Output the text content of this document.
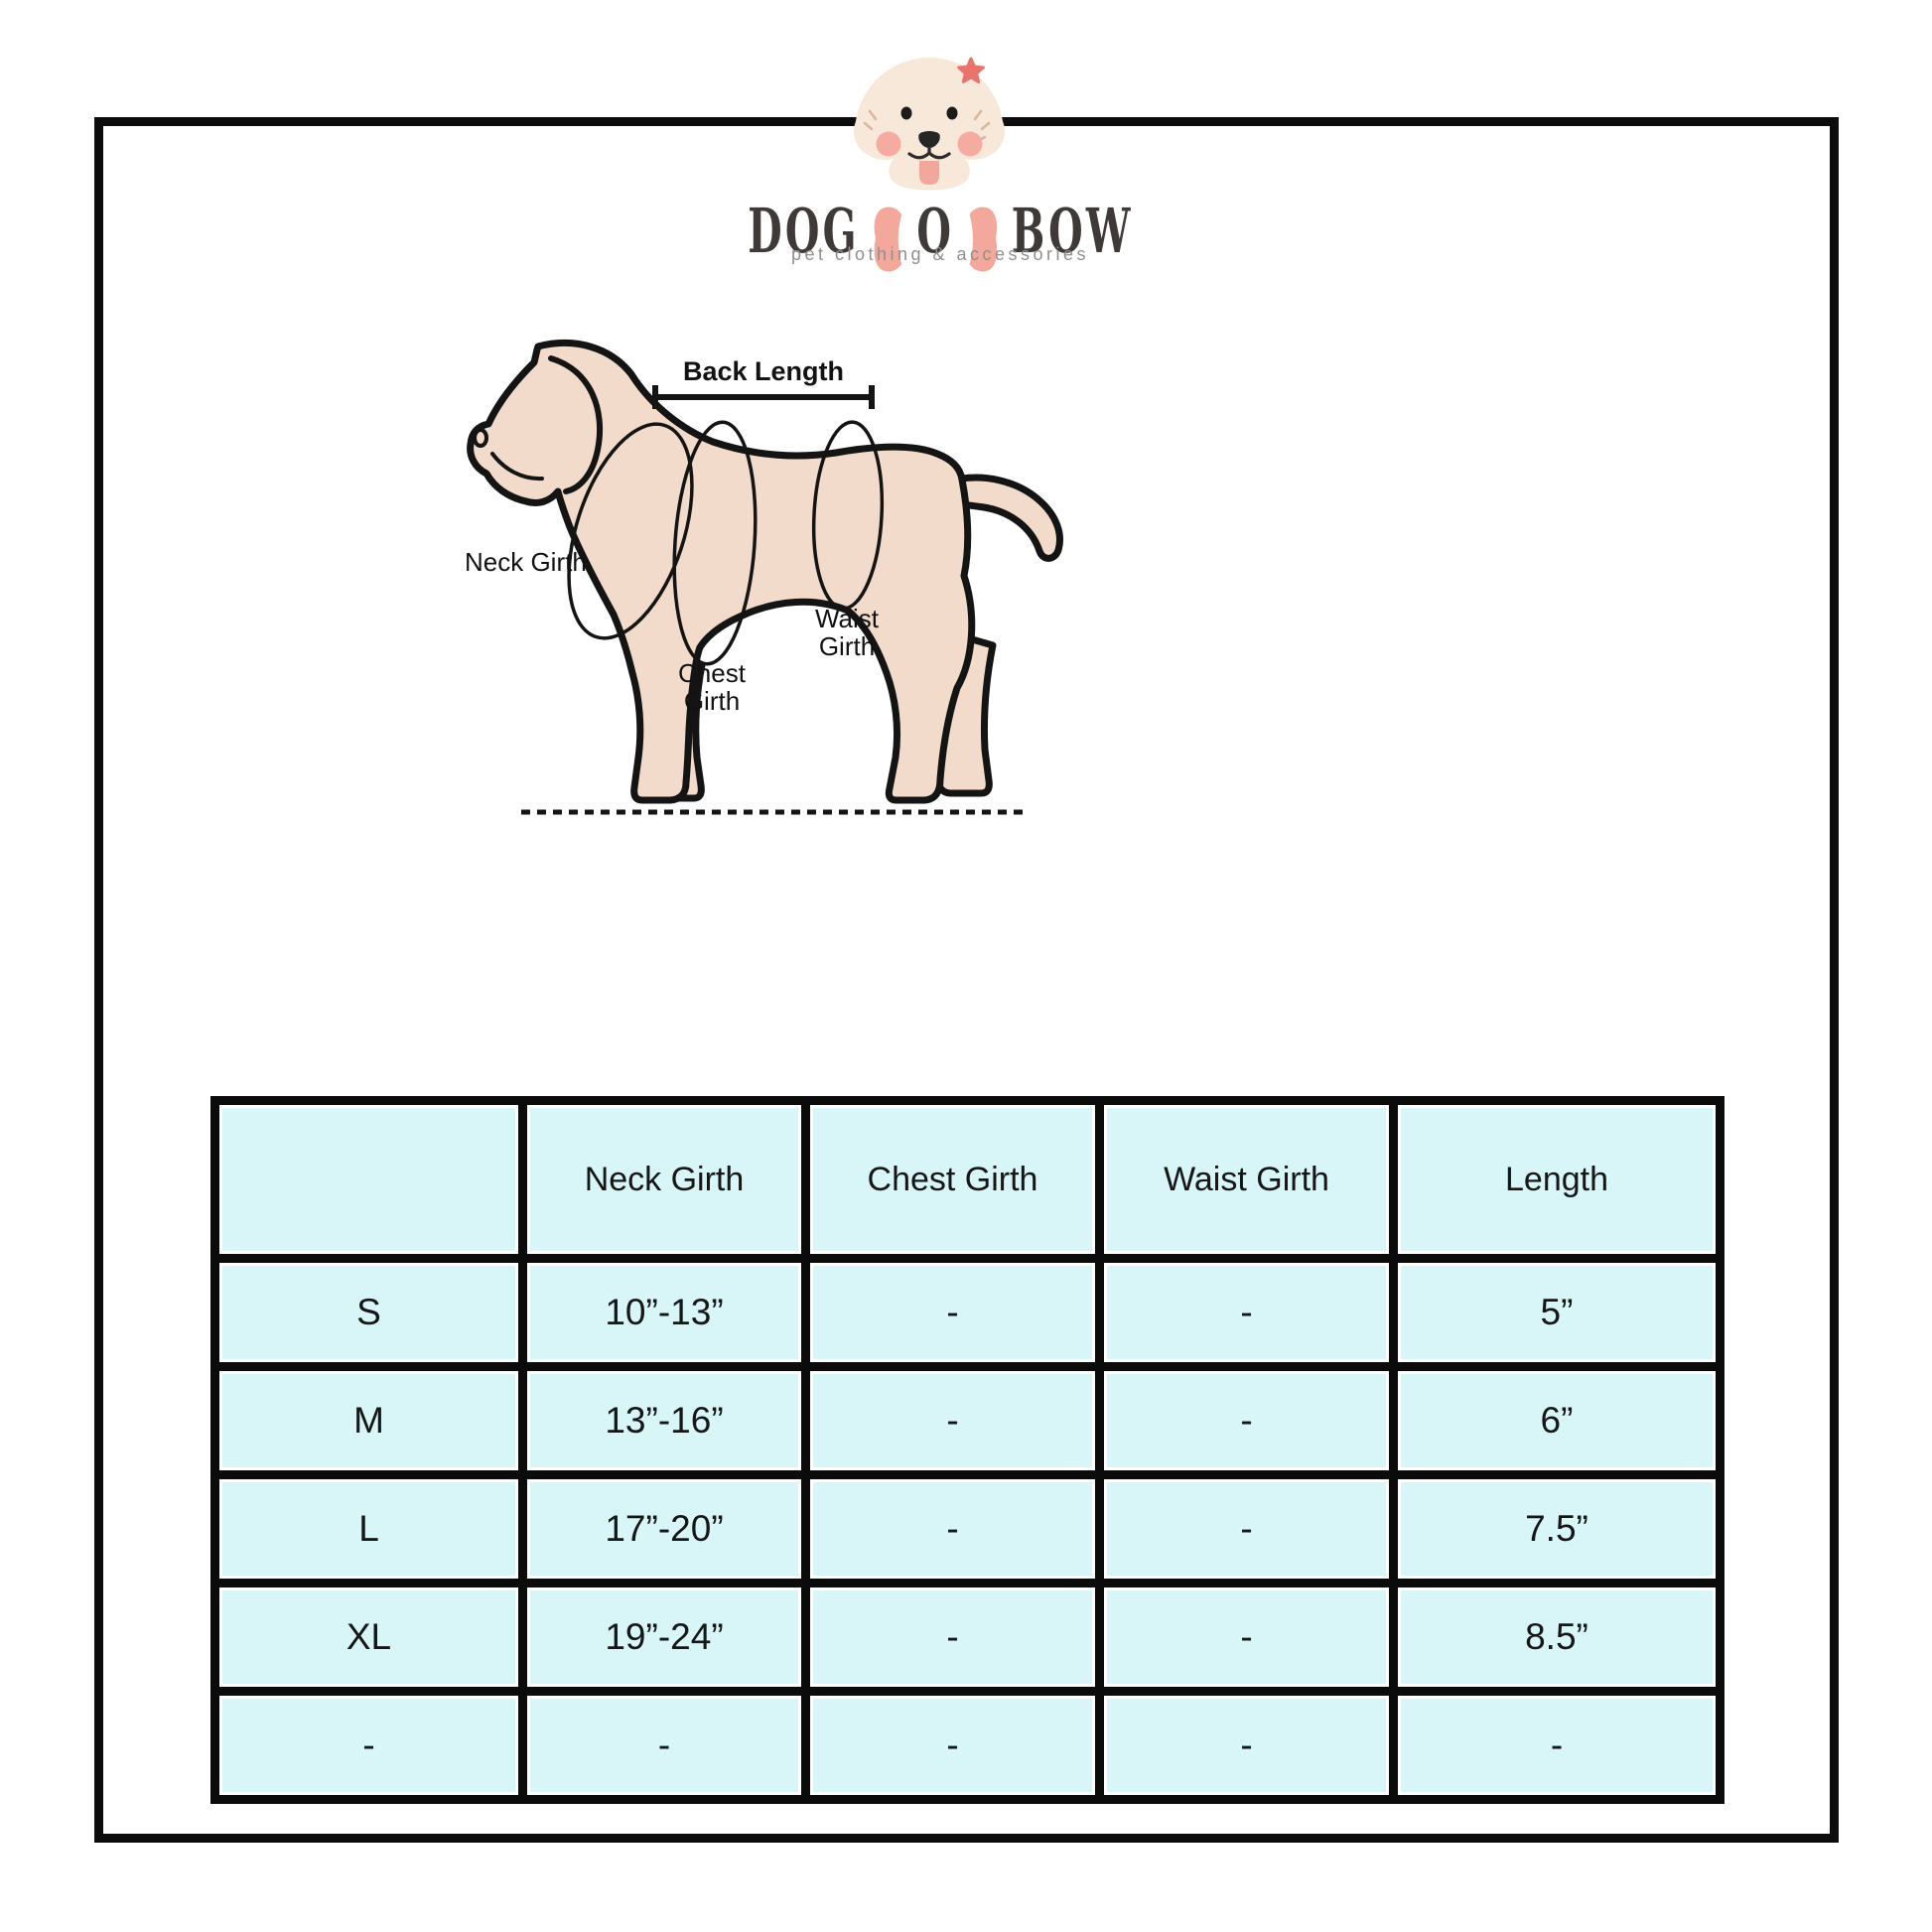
DOG O BOW
pet clothing & accessories
Back Length
Neck Girth
Waist
Girth
Chest
Girth
	Neck Girth	Chest Girth	Waist Girth	Length
S	10”-13”	-	-	5”
M	13”-16”	-	-	6”
L	17”-20”	-	-	7.5”
XL	19”-24”	-	-	8.5”
-	-	-	-	-
